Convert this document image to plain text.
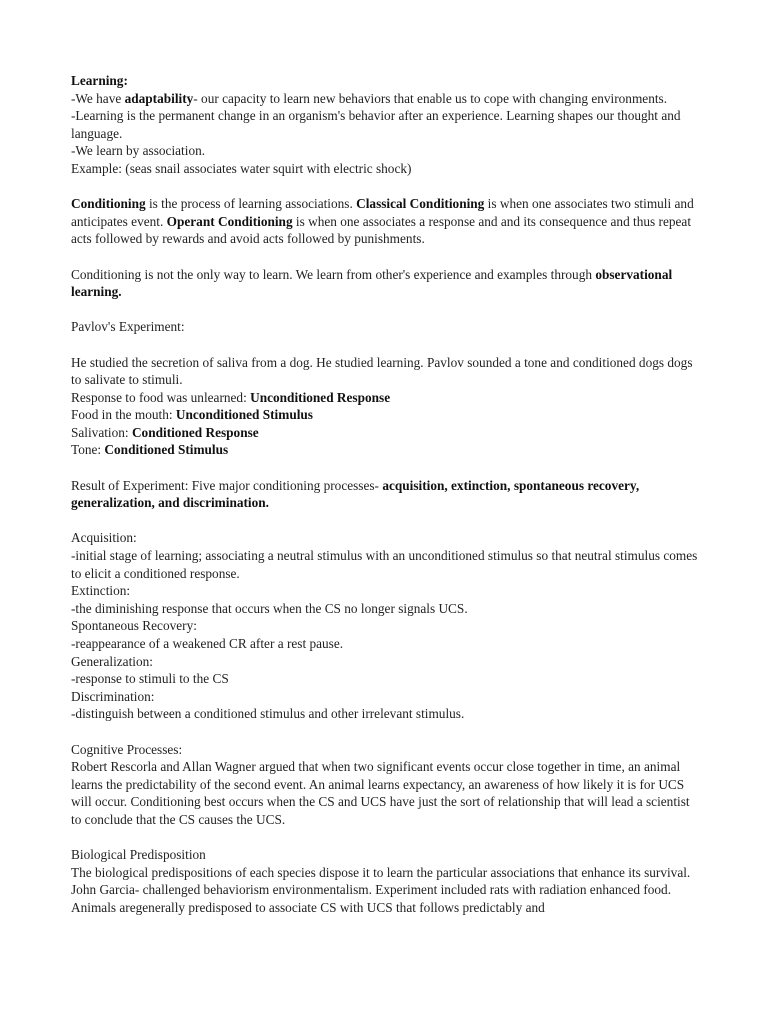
Learning:

-We have adaptability- our capacity to learn new behaviors that enable us to cope with changing environments.

-Learning is the permanent change in an organism's behavior after an experience. Learning shapes our thought and language.

-We learn by association.

Example: (seas snail associates water squirt with electric shock)

Conditioning is the process of learning associations. Classical Conditioning is when one associates two stimuli and anticipates event. Operant Conditioning is when one associates a response and and its consequence and thus repeat acts followed by rewards and avoid acts followed by punishments.

Conditioning is not the only way to learn. We learn from other's experience and examples through observational learning.

Pavlov's Experiment:

He studied the secretion of saliva from a dog. He studied learning. Pavlov sounded a tone and conditioned dogs dogs to salivate to stimuli.

Response to food was unlearned: Unconditioned Response

Food in the mouth: Unconditioned Stimulus

Salivation: Conditioned Response

Tone: Conditioned Stimulus

Result of Experiment: Five major conditioning processes- acquisition, extinction, spontaneous recovery, generalization, and discrimination.

Acquisition:

-initial stage of learning; associating a neutral stimulus with an unconditioned stimulus so that neutral stimulus comes to elicit a conditioned response.

Extinction:

-the diminishing response that occurs when the CS no longer signals UCS.

Spontaneous Recovery:

-reappearance of a weakened CR after a rest pause.

Generalization:

-response to stimuli to the CS

Discrimination:

-distinguish between a conditioned stimulus and other irrelevant stimulus.

Cognitive Processes:

Robert Rescorla and Allan Wagner argued that when two significant events occur close together in time, an animal learns the predictability of the second event. An animal learns expectancy, an awareness of how likely it is for UCS will occur. Conditioning best occurs when the CS and UCS have just the sort of relationship that will lead a scientist to conclude that the CS causes the UCS.

Biological Predisposition

The biological predispositions of each species dispose it to learn the particular associations that enhance its survival.

John Garcia- challenged behaviorism environmentalism. Experiment included rats with radiation enhanced food. Animals aregenerally predisposed to associate CS with UCS that follows predictably and
